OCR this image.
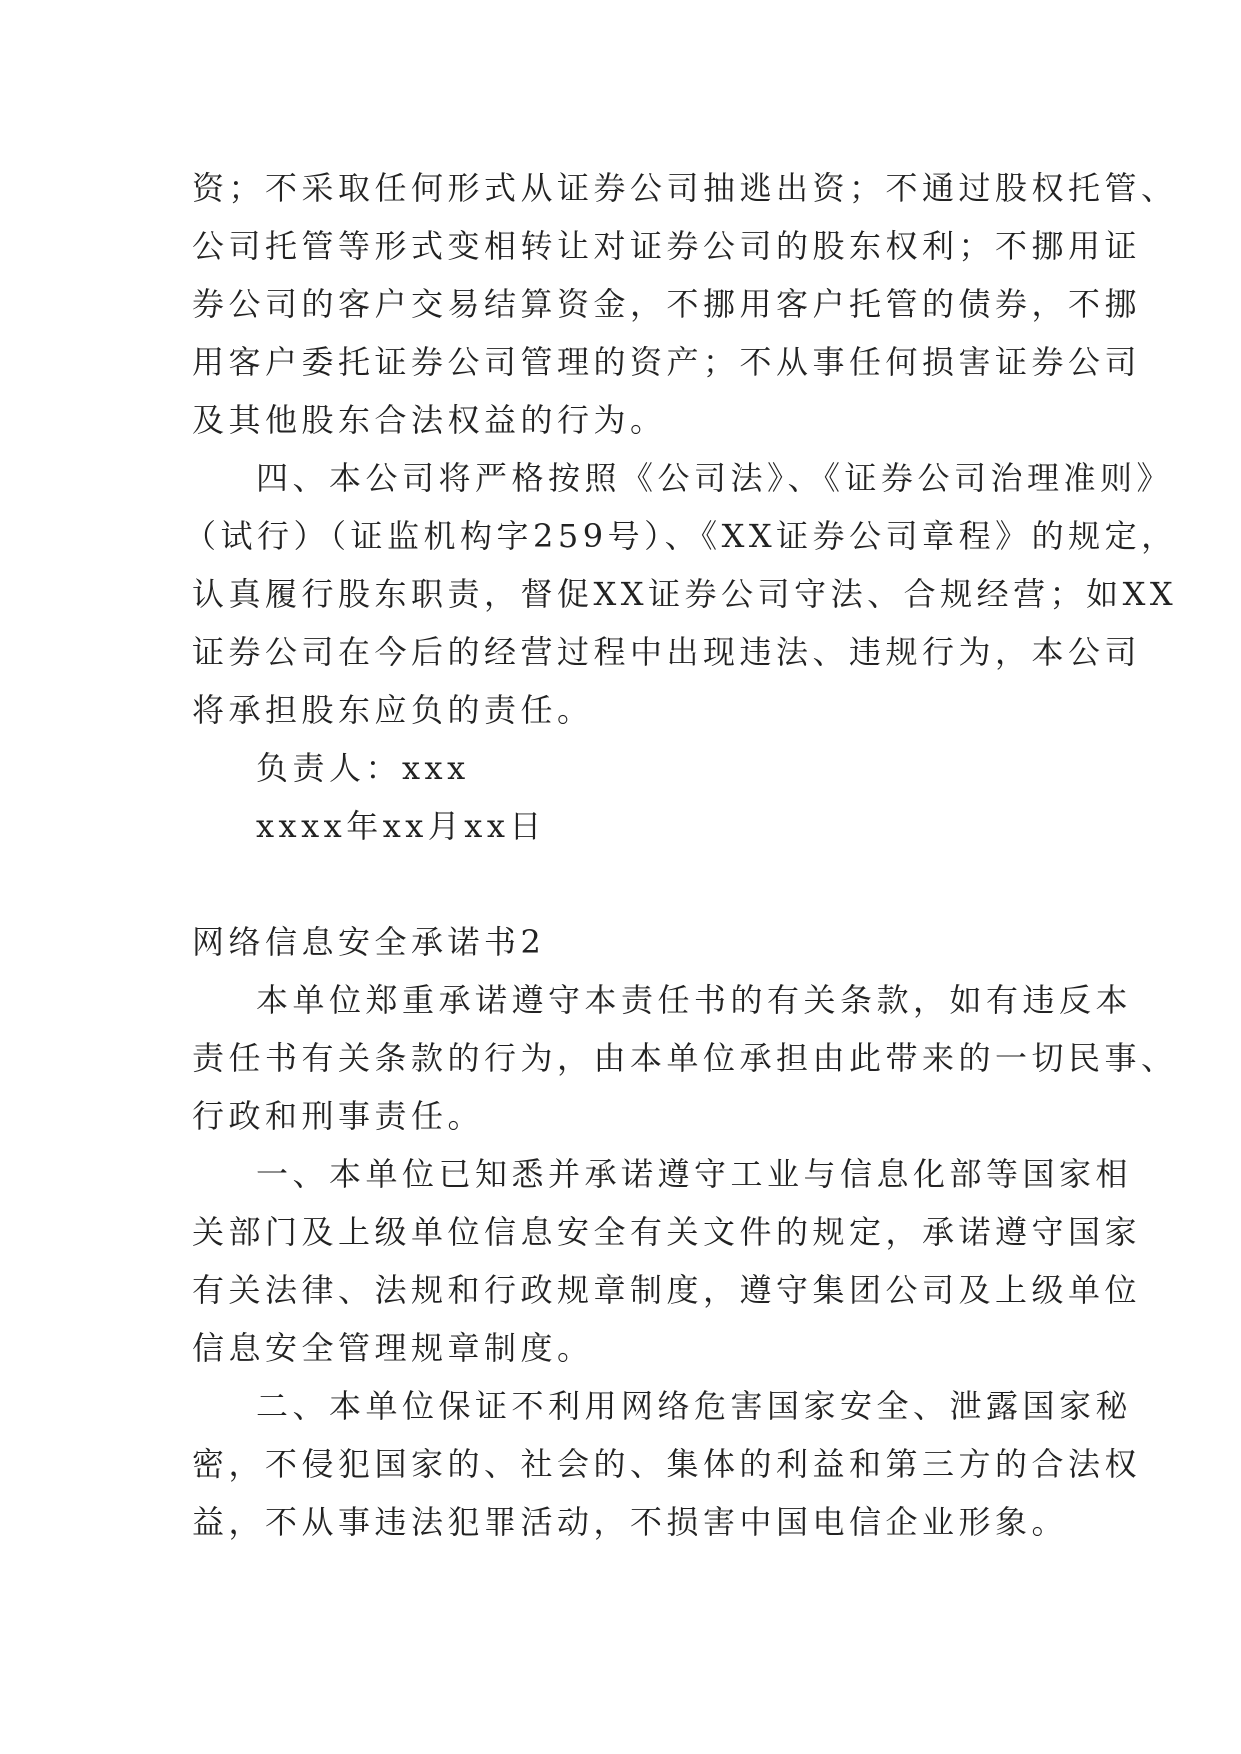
资；不采取任何形式从证券公司抽逃出资；不通过股权托管、
公司托管等形式变相转让对证券公司的股东权利；不挪用证
券公司的客户交易结算资金，不挪用客户托管的债券，不挪
用客户委托证券公司管理的资产；不从事任何损害证券公司
及其他股东合法权益的行为。
四、本公司将严格按照《公司法》、《证券公司治理准则》
（试行）（证监机构字259号）、《XX证券公司章程》的规定，
认真履行股东职责，督促XX证券公司守法、合规经营；如XX
证券公司在今后的经营过程中出现违法、违规行为，本公司
将承担股东应负的责任。
负责人：xxx
xxxx年xx月xx日
网络信息安全承诺书2
本单位郑重承诺遵守本责任书的有关条款，如有违反本
责任书有关条款的行为，由本单位承担由此带来的一切民事、
行政和刑事责任。
一、本单位已知悉并承诺遵守工业与信息化部等国家相
关部门及上级单位信息安全有关文件的规定，承诺遵守国家
有关法律、法规和行政规章制度，遵守集团公司及上级单位
信息安全管理规章制度。
二、本单位保证不利用网络危害国家安全、泄露国家秘
密，不侵犯国家的、社会的、集体的利益和第三方的合法权
益，不从事违法犯罪活动，不损害中国电信企业形象。
